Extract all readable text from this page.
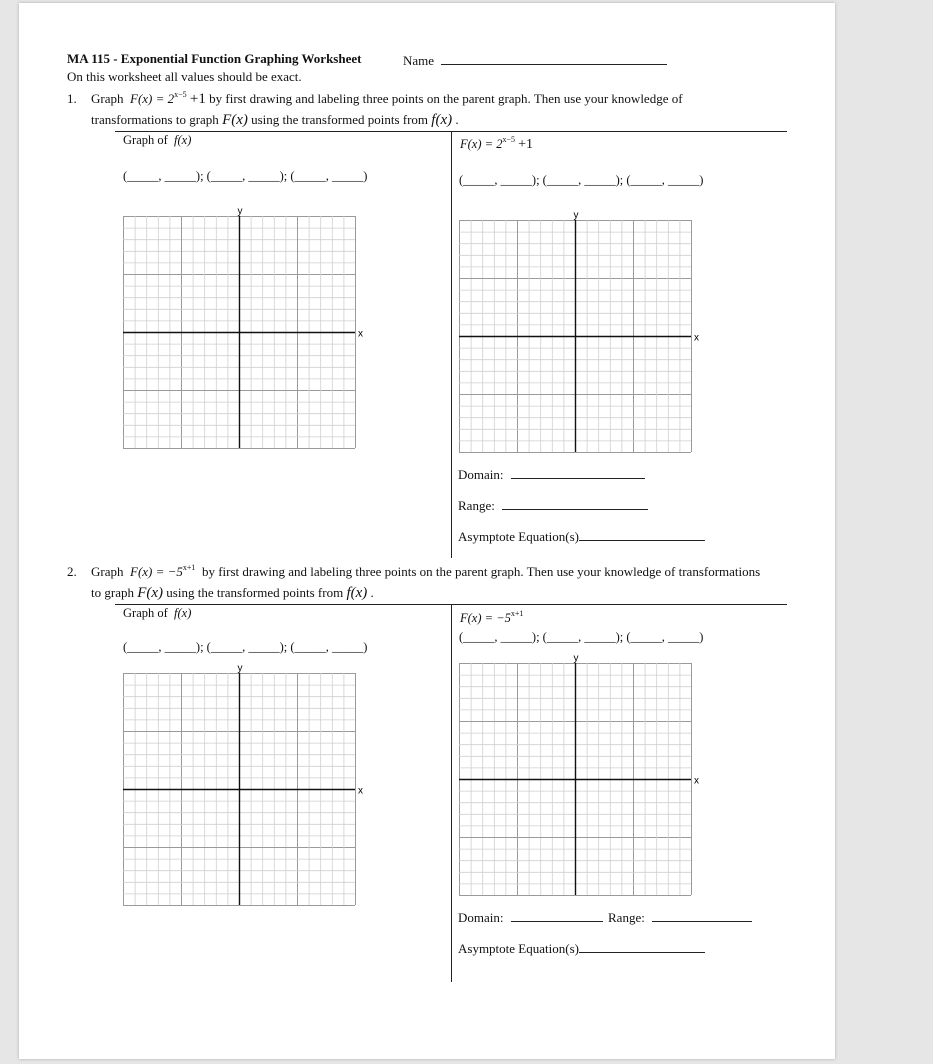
MA 115 - Exponential Function Graphing Worksheet	Name
On this worksheet all values should be exact.
1. Graph $F(x) = 2^{x-5} +1$ by first drawing and labeling three points on the parent graph. Then use your knowledge of
transformations to graph F(x) using the transformed points from f(x) .
Graph of f(x)
(_____, _____); (_____, _____); (_____, _____)
x
y
$F(x) = 2^{x-5} +1$
(_____, _____); (_____, _____); (_____, _____)
x
y
Domain:
Range:
Asymptote Equation(s)
2. Graph $F(x) = -5^{x+1}$ by first drawing and labeling three points on the parent graph. Then use your knowledge of transformations
to graph F(x) using the transformed points from f(x) .
Graph of f(x)
(_____, _____); (_____, _____); (_____, _____)
x
y
$F(x) = -5^{x+1}$
(_____, _____); (_____, _____); (_____, _____)
x
y
Domain:	Range:
Asymptote Equation(s)
